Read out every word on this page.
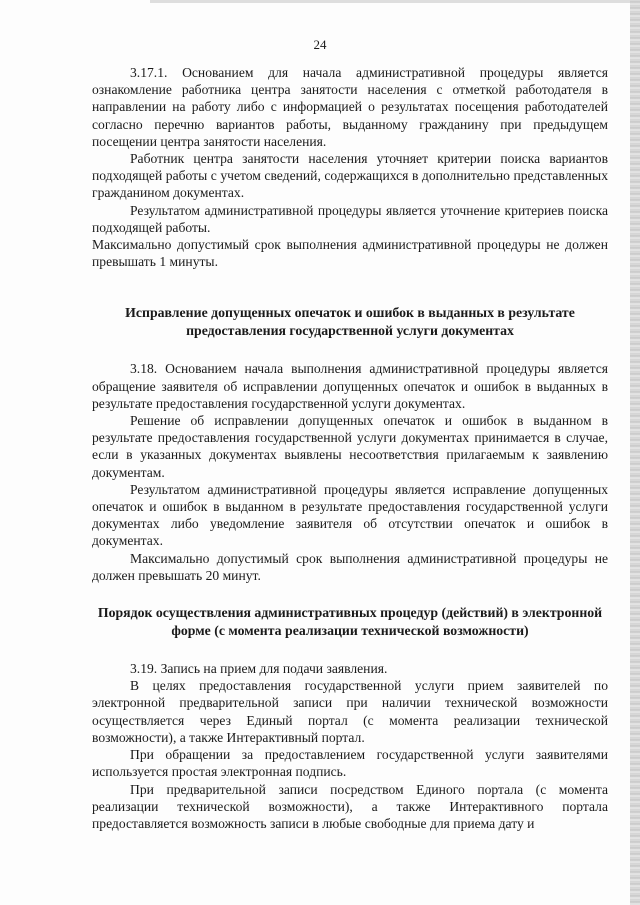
24

3.17.1. Основанием для начала административной процедуры является ознакомление работника центра занятости населения с отметкой работодателя в направлении на работу либо с информацией о результатах посещения работодателей согласно перечню вариантов работы, выданному гражданину при предыдущем посещении центра занятости населения.

Работник центра занятости населения уточняет критерии поиска вариантов подходящей работы с учетом сведений, содержащихся в дополнительно представленных гражданином документах.

Результатом административной процедуры является уточнение критериев поиска подходящей работы.

Максимально допустимый срок выполнения административной процедуры не должен превышать 1 минуты.

Исправление допущенных опечаток и ошибок в выданных в результате предоставления государственной услуги документах

3.18. Основанием начала выполнения административной процедуры является обращение заявителя об исправлении допущенных опечаток и ошибок в выданных в результате предоставления государственной услуги документах.

Решение об исправлении допущенных опечаток и ошибок в выданном в результате предоставления государственной услуги документах принимается в случае, если в указанных документах выявлены несоответствия прилагаемым к заявлению документам.

Результатом административной процедуры является исправление допущенных опечаток и ошибок в выданном в результате предоставления государственной услуги документах либо уведомление заявителя об отсутствии опечаток и ошибок в документах.

Максимально допустимый срок выполнения административной процедуры не должен превышать 20 минут.

Порядок осуществления административных процедур (действий) в электронной форме (с момента реализации технической возможности)

3.19. Запись на прием для подачи заявления.

В целях предоставления государственной услуги прием заявителей по электронной предварительной записи при наличии технической возможности осуществляется через Единый портал (с момента реализации технической возможности), а также Интерактивный портал.

При обращении за предоставлением государственной услуги заявителями используется простая электронная подпись.

При предварительной записи посредством Единого портала (с момента реализации технической возможности), а также Интерактивного портала предоставляется возможность записи в любые свободные для приема дату и
